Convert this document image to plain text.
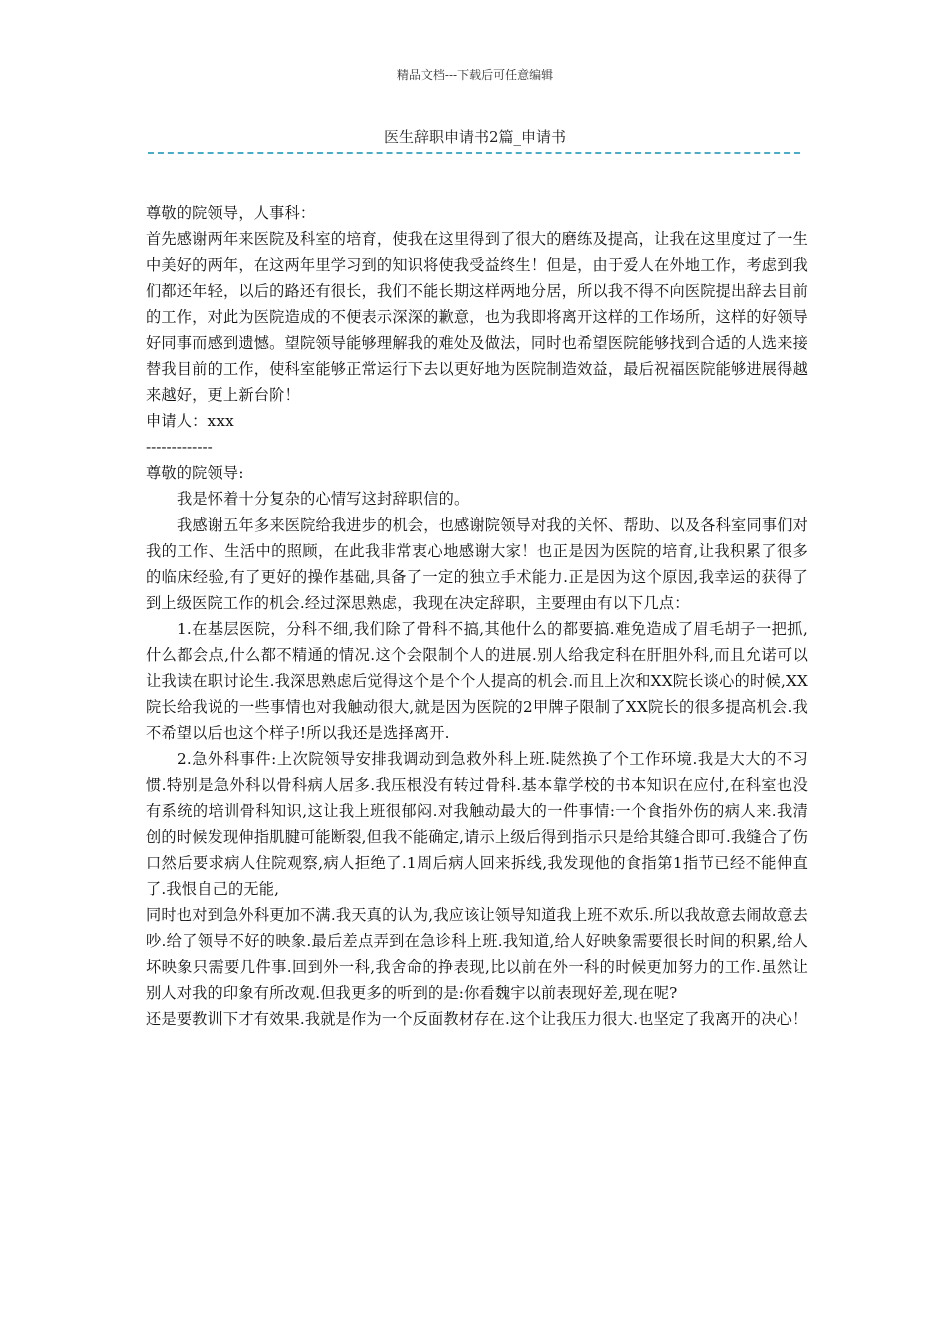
精品文档---下载后可任意编辑
医生辞职申请书2篇_申请书

尊敬的院领导，人事科：

首先感谢两年来医院及科室的培育，使我在这里得到了很大的磨练及提高，让我在这里度过了一生中美好的两年，在这两年里学习到的知识将使我受益终生！但是，由于爱人在外地工作，考虑到我们都还年轻，以后的路还有很长，我们不能长期这样两地分居，所以我不得不向医院提出辞去目前的工作，对此为医院造成的不便表示深深的歉意，也为我即将离开这样的工作场所，这样的好领导好同事而感到遗憾。望院领导能够理解我的难处及做法，同时也希望医院能够找到合适的人选来接替我目前的工作，使科室能够正常运行下去以更好地为医院制造效益，最后祝福医院能够进展得越来越好，更上新台阶！

申请人：xxx

-------------

尊敬的院领导:

我是怀着十分复杂的心情写这封辞职信的。

我感谢五年多来医院给我进步的机会，也感谢院领导对我的关怀、帮助、以及各科室同事们对我的工作、生活中的照顾，在此我非常衷心地感谢大家！也正是因为医院的培育,让我积累了很多的临床经验,有了更好的操作基础,具备了一定的独立手术能力.正是因为这个原因,我幸运的获得了到上级医院工作的机会.经过深思熟虑，我现在决定辞职，主要理由有以下几点：

1.在基层医院，分科不细,我们除了骨科不搞,其他什么的都要搞.难免造成了眉毛胡子一把抓,什么都会点,什么都不精通的情况.这个会限制个人的进展.别人给我定科在肝胆外科,而且允诺可以让我读在职讨论生.我深思熟虑后觉得这个是个个人提高的机会.而且上次和XX院长谈心的时候,XX院长给我说的一些事情也对我触动很大,就是因为医院的2甲牌子限制了XX院长的很多提高机会.我不希望以后也这个样子!所以我还是选择离开.

2.急外科事件:上次院领导安排我调动到急救外科上班.陡然换了个工作环境.我是大大的不习惯.特别是急外科以骨科病人居多.我压根没有转过骨科.基本靠学校的书本知识在应付,在科室也没有系统的培训骨科知识,这让我上班很郁闷.对我触动最大的一件事情:一个食指外伤的病人来.我清创的时候发现伸指肌腱可能断裂,但我不能确定,请示上级后得到指示只是给其缝合即可.我缝合了伤口然后要求病人住院观察,病人拒绝了.1周后病人回来拆线,我发现他的食指第1指节已经不能伸直了.我恨自己的无能,

同时也对到急外科更加不满.我天真的认为,我应该让领导知道我上班不欢乐.所以我故意去闹故意去吵.给了领导不好的映象.最后差点弄到在急诊科上班.我知道,给人好映象需要很长时间的积累,给人坏映象只需要几件事.回到外一科,我舍命的挣表现,比以前在外一科的时候更加努力的工作.虽然让别人对我的印象有所改观.但我更多的听到的是:你看魏宇以前表现好差,现在呢?

还是要教训下才有效果.我就是作为一个反面教材存在.这个让我压力很大.也坚定了我离开的决心！
